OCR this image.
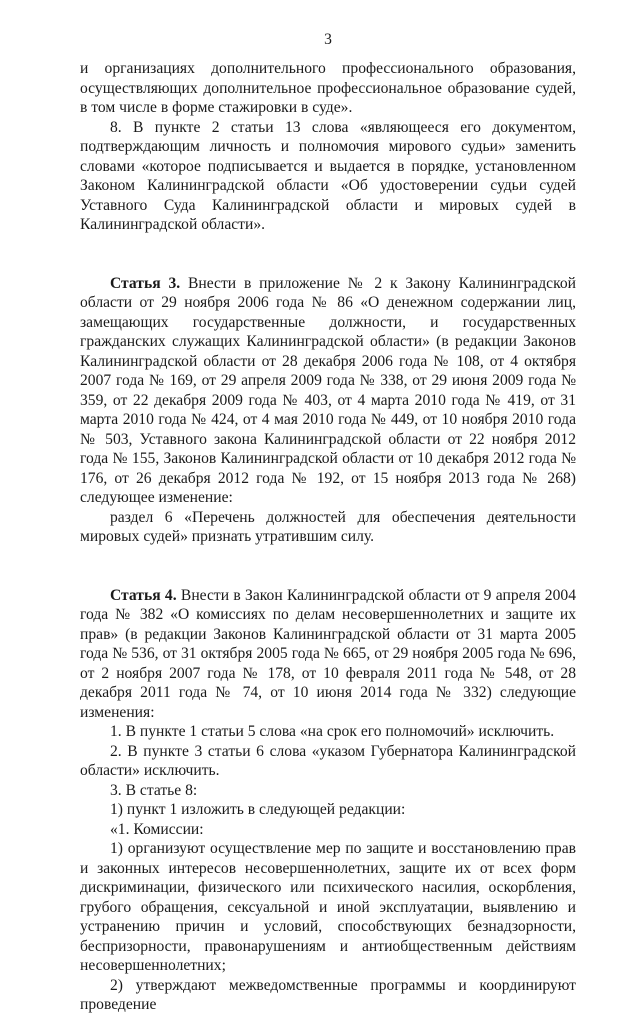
3

и организациях дополнительного профессионального образования, осуществляющих дополнительное профессиональное образование судей, в том числе в форме стажировки в суде».

8. В пункте 2 статьи 13 слова «являющееся его документом, подтверждающим личность и полномочия мирового судьи» заменить словами «которое подписывается и выдается в порядке, установленном Законом Калининградской области «Об удостоверении судьи судей Уставного Суда Калининградской области и мировых судей в Калининградской области».

Статья 3. Внести в приложение № 2 к Закону Калининградской области от 29 ноября 2006 года № 86 «О денежном содержании лиц, замещающих государственные должности, и государственных гражданских служащих Калининградской области» (в редакции Законов Калининградской области от 28 декабря 2006 года № 108, от 4 октября 2007 года № 169, от 29 апреля 2009 года № 338, от 29 июня 2009 года № 359, от 22 декабря 2009 года № 403, от 4 марта 2010 года № 419, от 31 марта 2010 года № 424, от 4 мая 2010 года № 449, от 10 ноября 2010 года № 503, Уставного закона Калининградской области от 22 ноября 2012 года № 155, Законов Калининградской области от 10 декабря 2012 года № 176, от 26 декабря 2012 года № 192, от 15 ноября 2013 года № 268) следующее изменение:

раздел 6 «Перечень должностей для обеспечения деятельности мировых судей» признать утратившим силу.

Статья 4. Внести в Закон Калининградской области от 9 апреля 2004 года № 382 «О комиссиях по делам несовершеннолетних и защите их прав» (в редакции Законов Калининградской области от 31 марта 2005 года № 536, от 31 октября 2005 года № 665, от 29 ноября 2005 года № 696, от 2 ноября 2007 года № 178, от 10 февраля 2011 года № 548, от 28 декабря 2011 года № 74, от 10 июня 2014 года № 332) следующие изменения:

1. В пункте 1 статьи 5 слова «на срок его полномочий» исключить.

2. В пункте 3 статьи 6 слова «указом Губернатора Калининградской области» исключить.

3. В статье 8:

1) пункт 1 изложить в следующей редакции:

«1. Комиссии:

1) организуют осуществление мер по защите и восстановлению прав и законных интересов несовершеннолетних, защите их от всех форм дискриминации, физического или психического насилия, оскорбления, грубого обращения, сексуальной и иной эксплуатации, выявлению и устранению причин и условий, способствующих безнадзорности, беспризорности, правонарушениям и антиобщественным действиям несовершеннолетних;

2) утверждают межведомственные программы и координируют проведение
